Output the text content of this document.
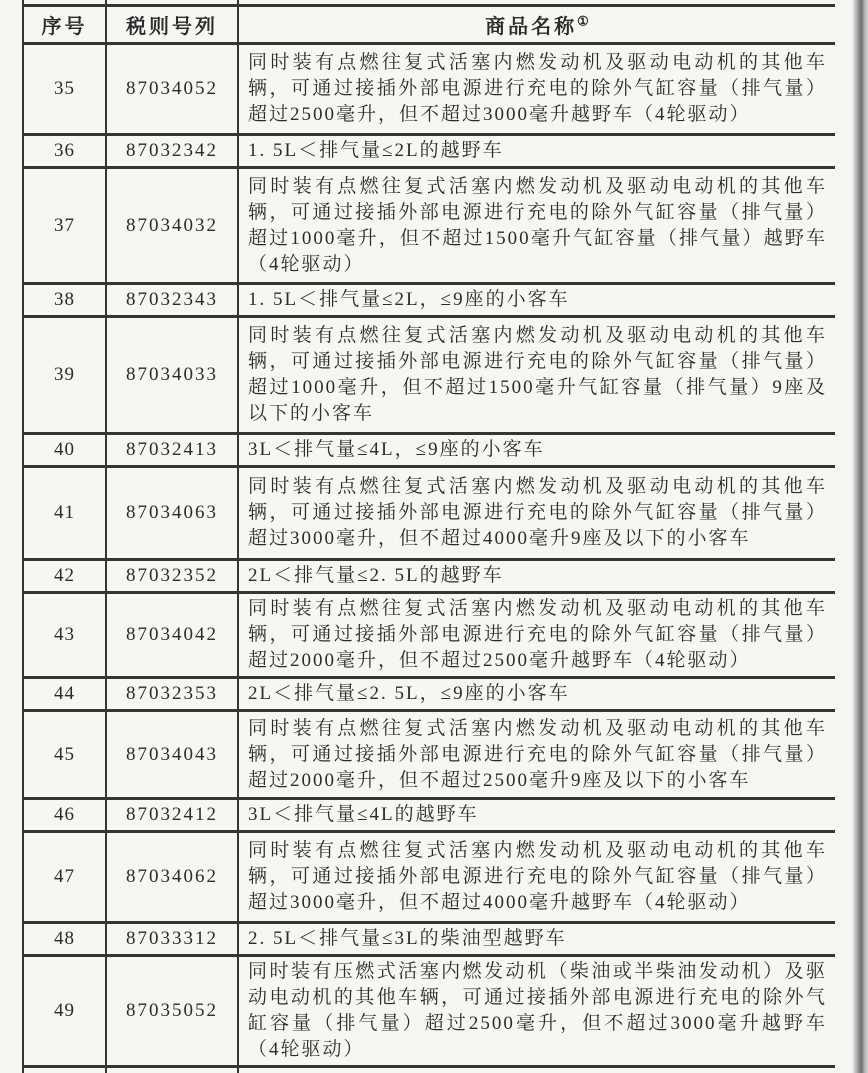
序号	税则号列	商品名称①
35	87034052	同时装有点燃往复式活塞内燃发动机及驱动电动机的其他车辆，可通过接插外部电源进行充电的除外气缸容量（排气量）超过2500毫升，但不超过3000毫升越野车（4轮驱动）
36	87032342	1. 5L＜排气量≤2L的越野车
37	87034032	同时装有点燃往复式活塞内燃发动机及驱动电动机的其他车辆，可通过接插外部电源进行充电的除外气缸容量（排气量）超过1000毫升，但不超过1500毫升气缸容量（排气量）越野车（4轮驱动）
38	87032343	1. 5L＜排气量≤2L，≤9座的小客车
39	87034033	同时装有点燃往复式活塞内燃发动机及驱动电动机的其他车辆，可通过接插外部电源进行充电的除外气缸容量（排气量）超过1000毫升，但不超过1500毫升气缸容量（排气量）9座及以下的小客车
40	87032413	3L＜排气量≤4L，≤9座的小客车
41	87034063	同时装有点燃往复式活塞内燃发动机及驱动电动机的其他车辆，可通过接插外部电源进行充电的除外气缸容量（排气量）超过3000毫升，但不超过4000毫升9座及以下的小客车
42	87032352	2L＜排气量≤2. 5L的越野车
43	87034042	同时装有点燃往复式活塞内燃发动机及驱动电动机的其他车辆，可通过接插外部电源进行充电的除外气缸容量（排气量）超过2000毫升，但不超过2500毫升越野车（4轮驱动）
44	87032353	2L＜排气量≤2. 5L，≤9座的小客车
45	87034043	同时装有点燃往复式活塞内燃发动机及驱动电动机的其他车辆，可通过接插外部电源进行充电的除外气缸容量（排气量）超过2000毫升，但不超过2500毫升9座及以下的小客车
46	87032412	3L＜排气量≤4L的越野车
47	87034062	同时装有点燃往复式活塞内燃发动机及驱动电动机的其他车辆，可通过接插外部电源进行充电的除外气缸容量（排气量）超过3000毫升，但不超过4000毫升越野车（4轮驱动）
48	87033312	2. 5L＜排气量≤3L的柴油型越野车
49	87035052	同时装有压燃式活塞内燃发动机（柴油或半柴油发动机）及驱动电动机的其他车辆，可通过接插外部电源进行充电的除外气缸容量（排气量）超过2500毫升，但不超过3000毫升越野车（4轮驱动）
